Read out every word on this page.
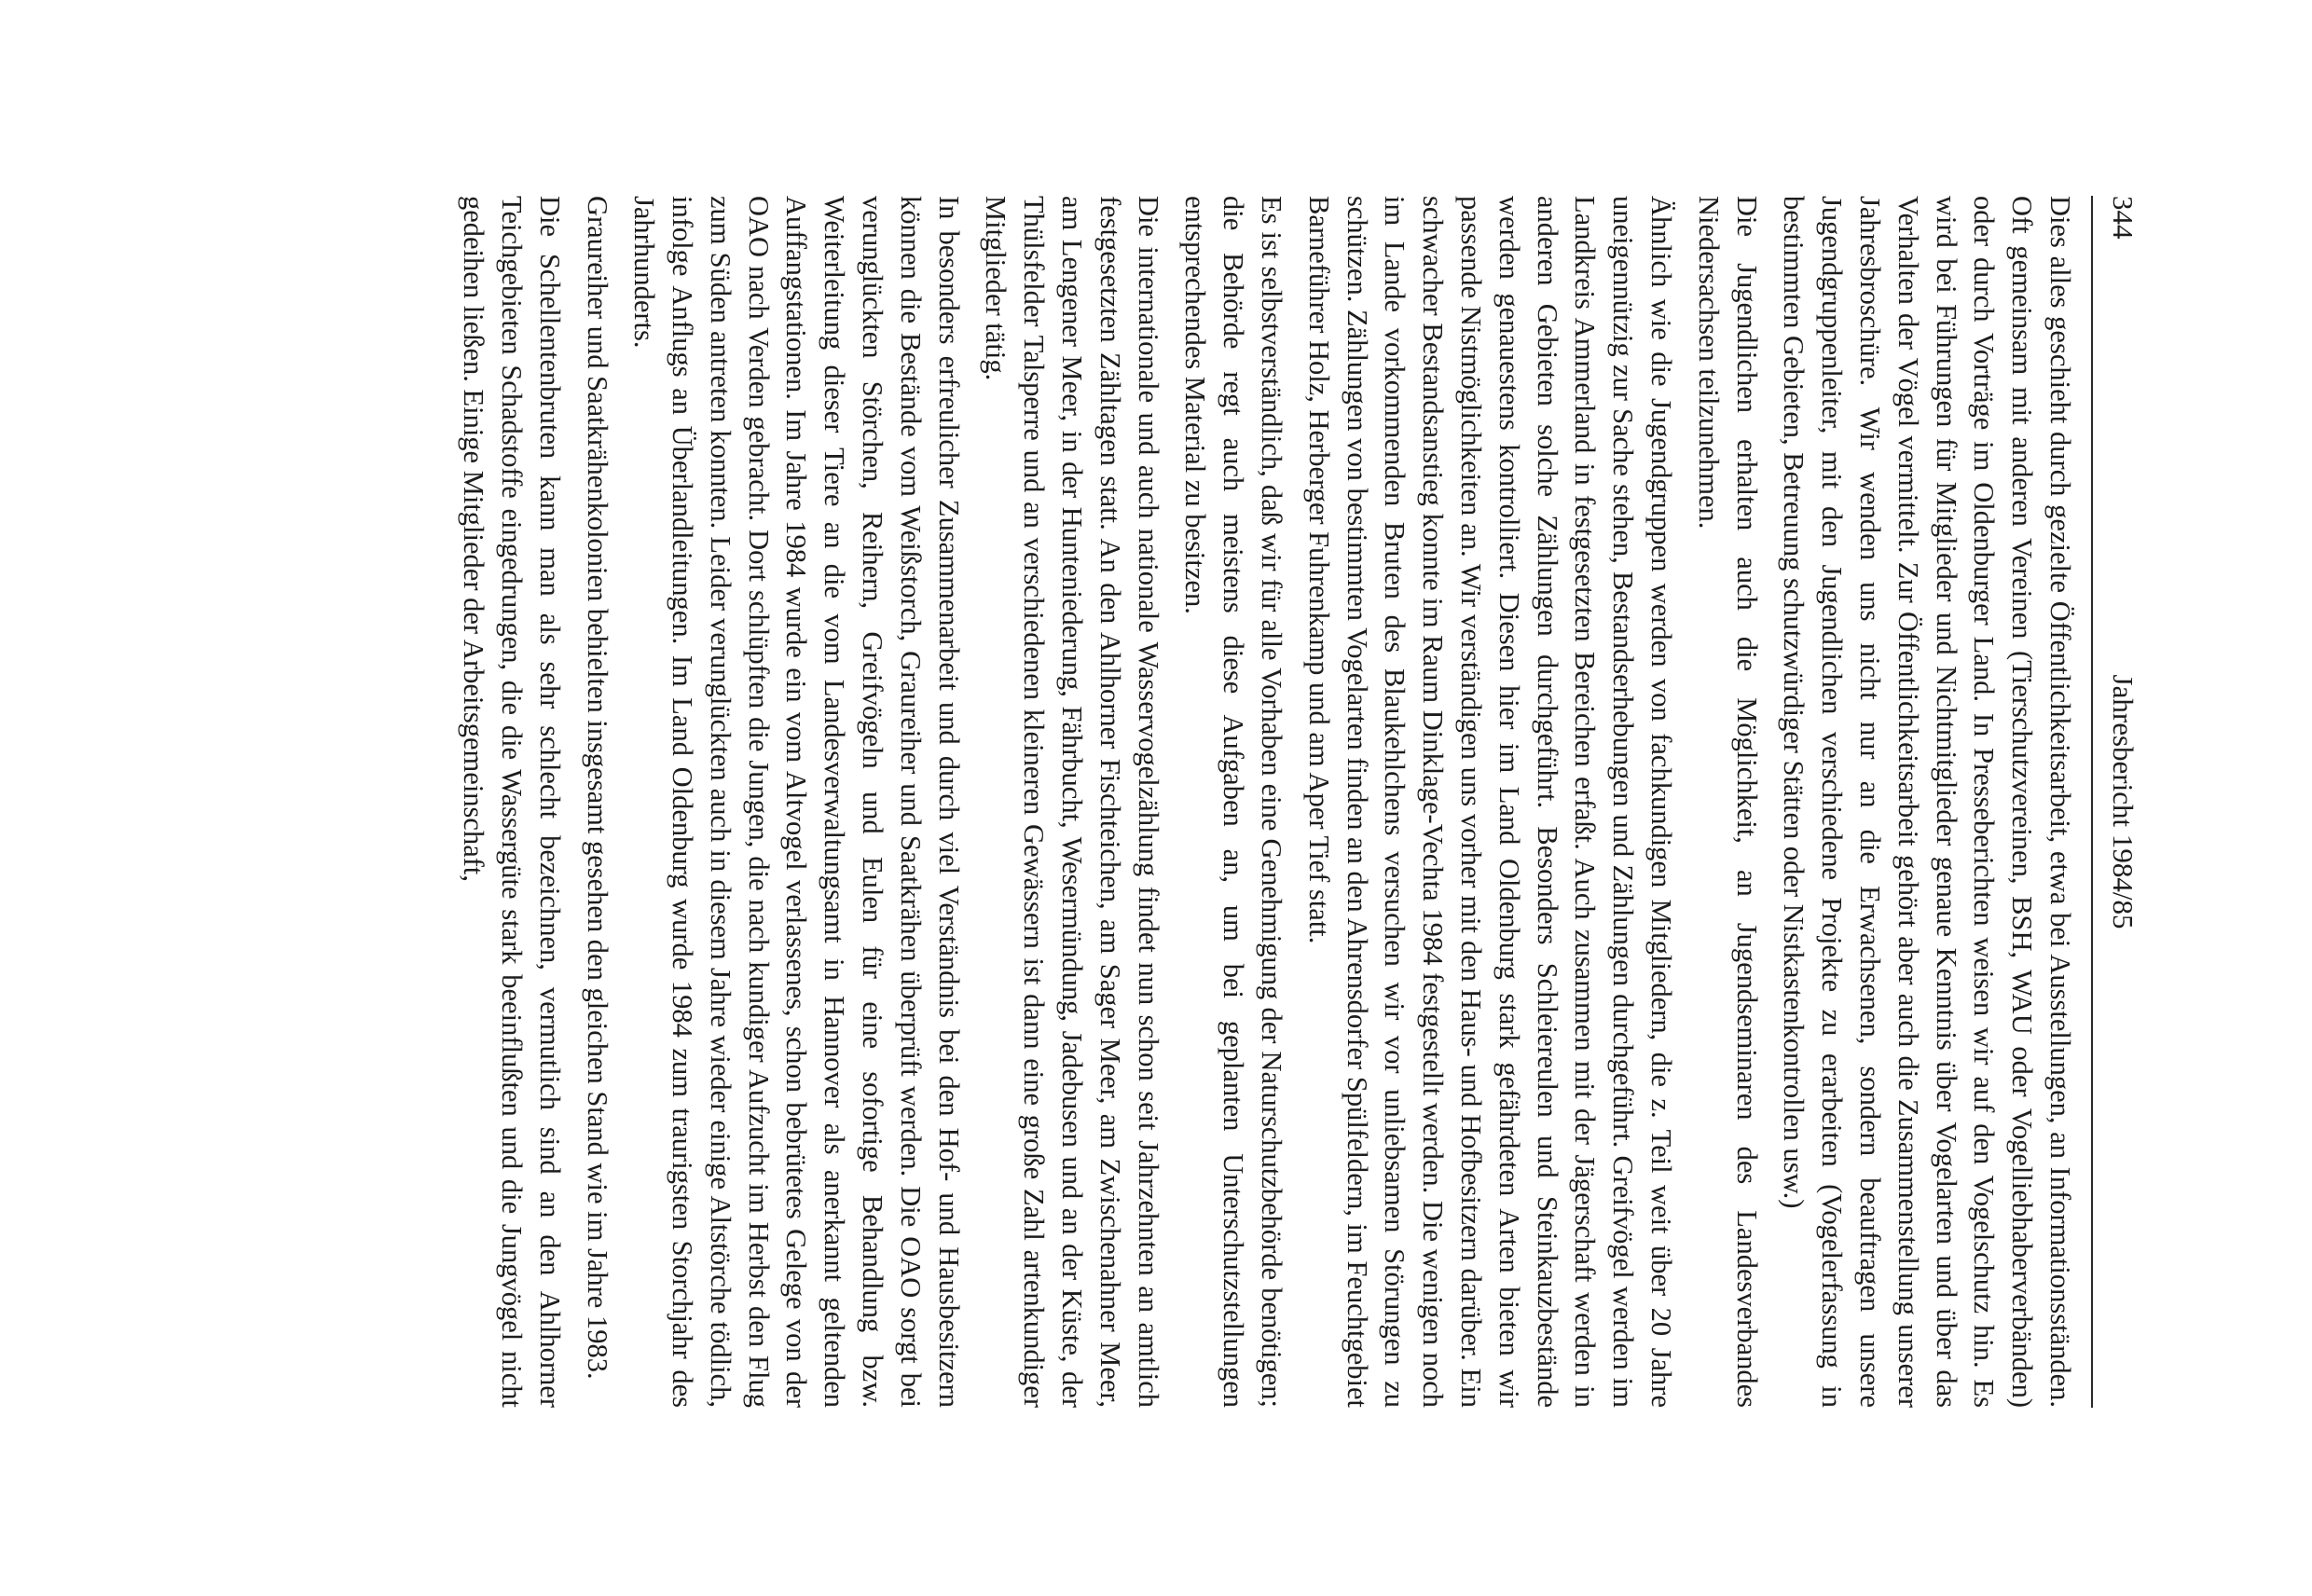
344
Jahresbericht 1984/85

Dies alles geschieht durch gezielte Öffentlichkeitsarbeit, etwa bei Ausstellungen, an Informationsständen. Oft gemeinsam mit anderen Vereinen (Tierschutzvereinen, BSH, WAU oder Vogelliebhaberverbänden) oder durch Vorträge im Oldenburger Land. In Presseberichten weisen wir auf den Vogelschutz hin. Es wird bei Führungen für Mitglieder und Nichtmitglieder genaue Kenntnis über Vogelarten und über das Verhalten der Vögel vermittelt. Zur Öffentlichkeitsarbeit gehört aber auch die Zusammenstellung unserer Jahresbroschüre. Wir wenden uns nicht nur an die Erwachsenen, sondern beauftragen unsere Jugendgruppenleiter, mit den Jugendlichen verschiedene Projekte zu erarbeiten (Vogelerfassung in bestimmten Gebieten, Betreuung schutzwürdiger Stätten oder Nistkastenkontrollen usw.)

Die Jugendlichen erhalten auch die Möglichkeit, an Jugendseminaren des Landesverbandes Niedersachsen teilzunehmen.

Ähnlich wie die Jugendgruppen werden von fachkundigen Mitgliedern, die z. Teil weit über 20 Jahre uneigennützig zur Sache stehen, Bestandserhebungen und Zählungen durchgeführt. Greifvögel werden im Landkreis Ammerland in festgesetzten Bereichen erfaßt. Auch zusammen mit der Jägerschaft werden in anderen Gebieten solche Zählungen durchgeführt. Besonders Schleiereulen und Steinkauzbestände werden genauestens kontrolliert. Diesen hier im Land Oldenburg stark gefährdeten Arten bieten wir passende Nistmöglichkeiten an. Wir verständigen uns vorher mit den Haus- und Hofbesitzern darüber. Ein schwacher Bestandsanstieg konnte im Raum Dinklage-Vechta 1984 festgestellt werden. Die wenigen noch im Lande vorkommenden Bruten des Blaukehlchens versuchen wir vor unliebsamen Störungen zu schützen. Zählungen von bestimmten Vogelarten finden an den Ahrensdorfer Spülfeldern, im Feuchtgebiet Barneführer Holz, Herberger Fuhrenkamp und am Aper Tief statt.

Es ist selbstverständlich, daß wir für alle Vorhaben eine Genehmigung der Naturschutzbehörde benötigen; die Behörde regt auch meistens diese Aufgaben an, um bei geplanten Unterschutzstellungen entsprechendes Material zu besitzen.

Die internationale und auch nationale Wasservogelzählung findet nun schon seit Jahrzehnten an amtlich festgesetzten Zähltagen statt. An den Ahlhorner Fischteichen, am Sager Meer, am Zwischenahner Meer, am Lengener Meer, in der Hunteniederung, Fährbucht, Wesermündung, Jadebusen und an der Küste, der Thülsfelder Talsperre und an verschiedenen kleineren Gewässern ist dann eine große Zahl artenkundiger Mitglieder tätig.

In besonders erfreulicher Zusammenarbeit und durch viel Verständnis bei den Hof- und Hausbesitzern können die Bestände vom Weißstorch, Graureiher und Saatkrähen überprüft werden. Die OAO sorgt bei verunglückten Störchen, Reihern, Greifvögeln und Eulen für eine sofortige Behandlung bzw. Weiterleitung dieser Tiere an die vom Landesverwaltungsamt in Hannover als anerkannt geltenden Auffangstationen. Im Jahre 1984 wurde ein vom Altvogel verlassenes, schon bebrütetes Gelege von der OAO nach Verden gebracht. Dort schlüpften die Jungen, die nach kundiger Aufzucht im Herbst den Flug zum Süden antreten konnten. Leider verunglückten auch in diesem Jahre wieder einige Altstörche tödlich, infolge Anflugs an Überlandleitungen. Im Land Oldenburg wurde 1984 zum traurigsten Storchjahr des Jahrhunderts.

Graureiher und Saatkrähenkolonien behielten insgesamt gesehen den gleichen Stand wie im Jahre 1983.

Die Schellentenbruten kann man als sehr schlecht bezeichnen, vermutlich sind an den Ahlhorner Teichgebieten Schadstoffe eingedrungen, die die Wassergüte stark beeinflußten und die Jungvögel nicht gedeihen ließen. Einige Mitglieder der Arbeitsgemeinschaft,
